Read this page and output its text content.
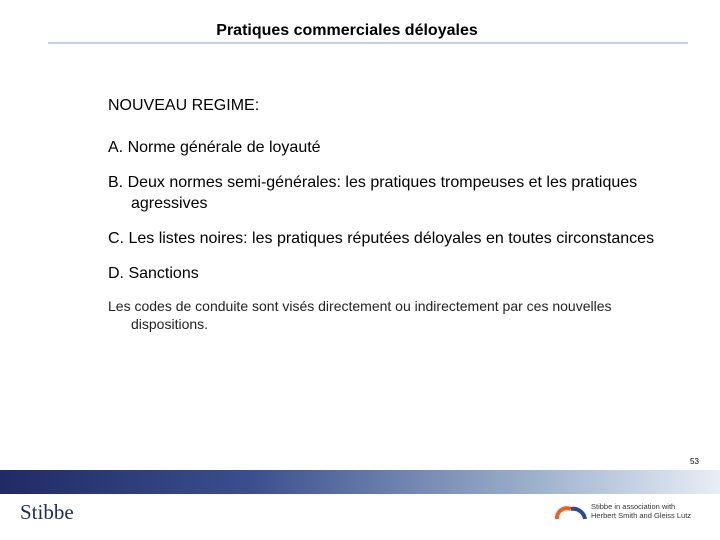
Pratiques commerciales déloyales

NOUVEAU REGIME:

A. Norme générale de loyauté

B. Deux normes semi-générales: les pratiques trompeuses et les pratiques agressives

C. Les listes noires: les pratiques réputées déloyales en toutes circonstances

D. Sanctions

Les codes de conduite sont visés directement ou indirectement par ces nouvelles dispositions.

53
Stibbe	Stibbe in association with
Herbert Smith and Gleiss Lutz
